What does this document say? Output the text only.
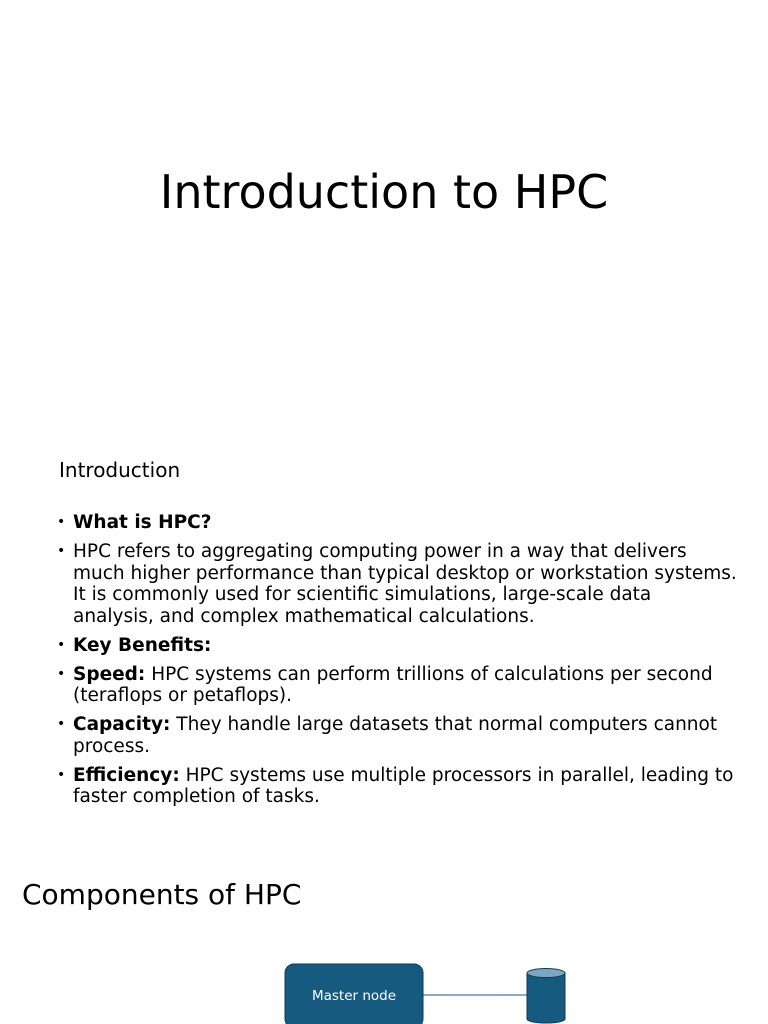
Introduction to HPC
Introduction
• What is HPC?
• HPC refers to aggregating computing power in a way that delivers much higher performance than typical desktop or workstation systems. It is commonly used for scientific simulations, large-scale data analysis, and complex mathematical calculations.
• Key Benefits:
• Speed: HPC systems can perform trillions of calculations per second (teraflops or petaflops).
• Capacity: They handle large datasets that normal computers cannot process.
• Efficiency: HPC systems use multiple processors in parallel, leading to faster completion of tasks.
Components of HPC
Master node
